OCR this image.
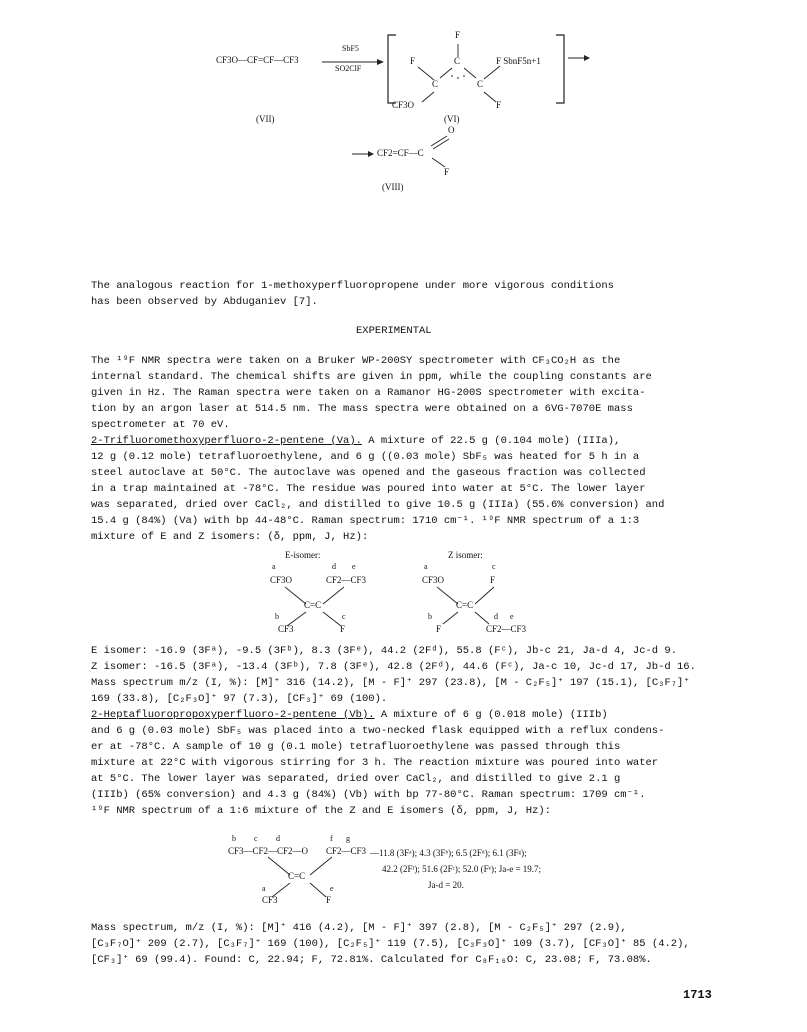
CF3O—CF=CF—CF3
SbF5
SO2ClF
F
C
F	F SbnF5n+1
C	C
CF3O	F
(VII)	(VI)
O
CF2=CF—C
F
(VIII)
The analogous reaction for 1-methoxyperfluoropropene under more vigorous conditions
has been observed by Abduganiev [7].
EXPERIMENTAL
The ¹⁹F NMR spectra were taken on a Bruker WP-200SY spectrometer with CF₃CO₂H as the
internal standard. The chemical shifts are given in ppm, while the coupling constants are
given in Hz. The Raman spectra were taken on a Ramanor HG-200S spectrometer with excita-
tion by an argon laser at 514.5 nm. The mass spectra were obtained on a 6VG-7070E mass
spectrometer at 70 eV.
2-Trifluoromethoxyperfluoro-2-pentene (Va). A mixture of 22.5 g (0.104 mole) (IIIa),
12 g (0.12 mole) tetrafluoroethylene, and 6 g ((0.03 mole) SbF₅ was heated for 5 h in a
steel autoclave at 50°C. The autoclave was opened and the gaseous fraction was collected
in a trap maintained at -78°C. The residue was poured into water at 5°C. The lower layer
was separated, dried over CaCl₂, and distilled to give 10.5 g (IIIa) (55.6% conversion) and
15.4 g (84%) (Va) with bp 44-48°C. Raman spectrum: 1710 cm⁻¹. ¹⁹F NMR spectrum of a 1:3
mixture of E and Z isomers: (δ, ppm, J, Hz):
E-isomer:	Z isomer:
a	d e
CF3O	CF2—CF3
C=C
b	c
CF3	F
a	c
CF3O	F
C=C
b	d e
F	CF2—CF3
E isomer: -16.9 (3Fᵃ), -9.5 (3Fᵇ), 8.3 (3Fᵉ), 44.2 (2Fᵈ), 55.8 (Fᶜ), Jb-c 21, Ja-d 4, Jc-d 9.
Z isomer: -16.5 (3Fᵃ), -13.4 (3Fᵇ), 7.8 (3Fᵉ), 42.8 (2Fᵈ), 44.6 (Fᶜ), Ja-c 10, Jc-d 17, Jb-d 16.
Mass spectrum m/z (I, %): [M]⁺ 316 (14.2), [M - F]⁺ 297 (23.8), [M - C₂F₅]⁺ 197 (15.1), [C₃F₇]⁺
169 (33.8), [C₂F₃O]⁺ 97 (7.3), [CF₃]⁺ 69 (100).
2-Heptafluoropropoxyperfluoro-2-pentene (Vb). A mixture of 6 g (0.018 mole) (IIIb)
and 6 g (0.03 mole) SbF₅ was placed into a two-necked flask equipped with a reflux condens-
er at -78°C. A sample of 10 g (0.1 mole) tetrafluoroethylene was passed through this
mixture at 22°C with vigorous stirring for 3 h. The reaction mixture was poured into water
at 5°C. The lower layer was separated, dried over CaCl₂, and distilled to give 2.1 g
(IIIb) (65% conversion) and 4.3 g (84%) (Vb) with bp 77-80°C. Raman spectrum: 1709 cm⁻¹.
¹⁹F NMR spectrum of a 1:6 mixture of the Z and E isomers (δ, ppm, J, Hz):
b c d	f g
CF3—CF2—CF2—O CF2—CF3
C=C
a	e
CF3	F
—11.8 (3Fᵃ); 4.3 (3Fᵇ); 6.5 (2Fᵈ); 6.1 (3Fᵍ);
42.2 (2Fᶠ); 51.6 (2Fᶜ); 52.0 (Fᵉ); Ja-e = 19.7;
Ja-d = 20.
Mass spectrum, m/z (I, %): [M]⁺ 416 (4.2), [M - F]⁺ 397 (2.8), [M - C₂F₅]⁺ 297 (2.9),
[C₃F₇O]⁺ 209 (2.7), [C₃F₇]⁺ 169 (100), [C₂F₅]⁺ 119 (7.5), [C₃F₃O]⁺ 109 (3.7), [CF₃O]⁺ 85 (4.2),
[CF₃]⁺ 69 (99.4). Found: C, 22.94; F, 72.81%. Calculated for C₈F₁₆O: C, 23.08; F, 73.08%.
1713
